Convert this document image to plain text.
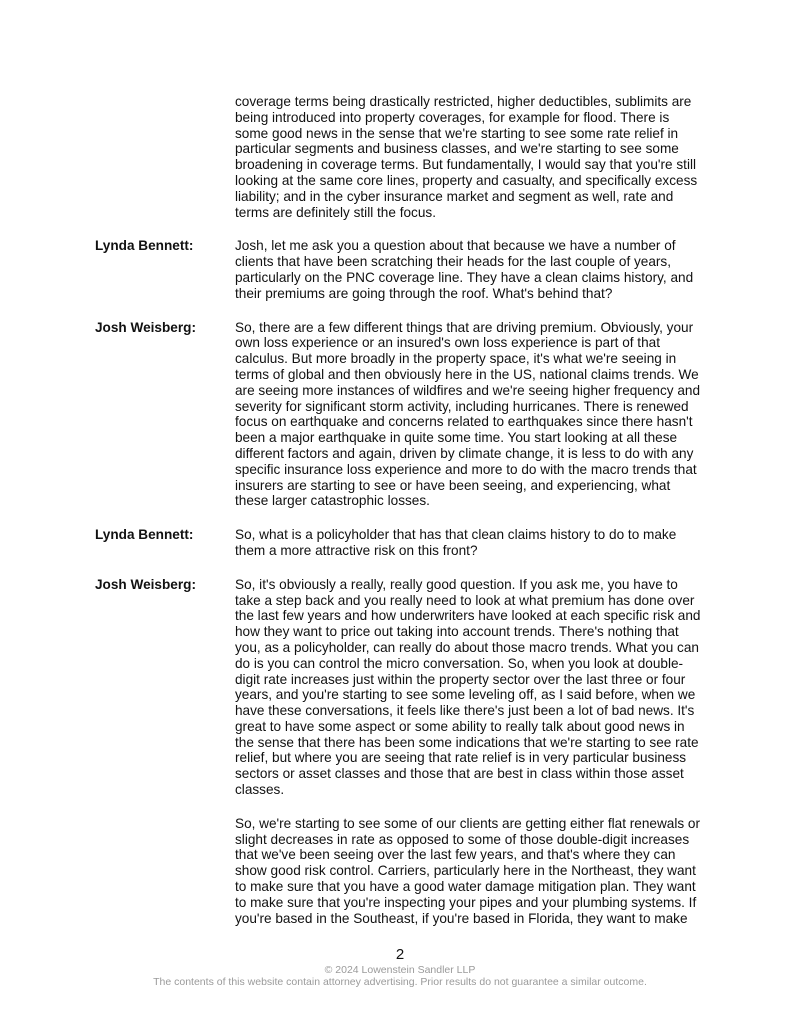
coverage terms being drastically restricted, higher deductibles, sublimits are
being introduced into property coverages, for example for flood. There is
some good news in the sense that we're starting to see some rate relief in
particular segments and business classes, and we're starting to see some
broadening in coverage terms. But fundamentally, I would say that you're still
looking at the same core lines, property and casualty, and specifically excess
liability; and in the cyber insurance market and segment as well, rate and
terms are definitely still the focus.
Lynda Bennett:	Josh, let me ask you a question about that because we have a number of
clients that have been scratching their heads for the last couple of years,
particularly on the PNC coverage line. They have a clean claims history, and
their premiums are going through the roof. What's behind that?
Josh Weisberg:	So, there are a few different things that are driving premium. Obviously, your
own loss experience or an insured's own loss experience is part of that
calculus. But more broadly in the property space, it's what we're seeing in
terms of global and then obviously here in the US, national claims trends. We
are seeing more instances of wildfires and we're seeing higher frequency and
severity for significant storm activity, including hurricanes. There is renewed
focus on earthquake and concerns related to earthquakes since there hasn't
been a major earthquake in quite some time. You start looking at all these
different factors and again, driven by climate change, it is less to do with any
specific insurance loss experience and more to do with the macro trends that
insurers are starting to see or have been seeing, and experiencing, what
these larger catastrophic losses.
Lynda Bennett:	So, what is a policyholder that has that clean claims history to do to make
them a more attractive risk on this front?
Josh Weisberg:	So, it's obviously a really, really good question. If you ask me, you have to
take a step back and you really need to look at what premium has done over
the last few years and how underwriters have looked at each specific risk and
how they want to price out taking into account trends. There's nothing that
you, as a policyholder, can really do about those macro trends. What you can
do is you can control the micro conversation. So, when you look at double-
digit rate increases just within the property sector over the last three or four
years, and you're starting to see some leveling off, as I said before, when we
have these conversations, it feels like there's just been a lot of bad news. It's
great to have some aspect or some ability to really talk about good news in
the sense that there has been some indications that we're starting to see rate
relief, but where you are seeing that rate relief is in very particular business
sectors or asset classes and those that are best in class within those asset
classes.
So, we're starting to see some of our clients are getting either flat renewals or
slight decreases in rate as opposed to some of those double-digit increases
that we've been seeing over the last few years, and that's where they can
show good risk control. Carriers, particularly here in the Northeast, they want
to make sure that you have a good water damage mitigation plan. They want
to make sure that you're inspecting your pipes and your plumbing systems. If
you're based in the Southeast, if you're based in Florida, they want to make
2
© 2024 Lowenstein Sandler LLP
The contents of this website contain attorney advertising. Prior results do not guarantee a similar outcome.
